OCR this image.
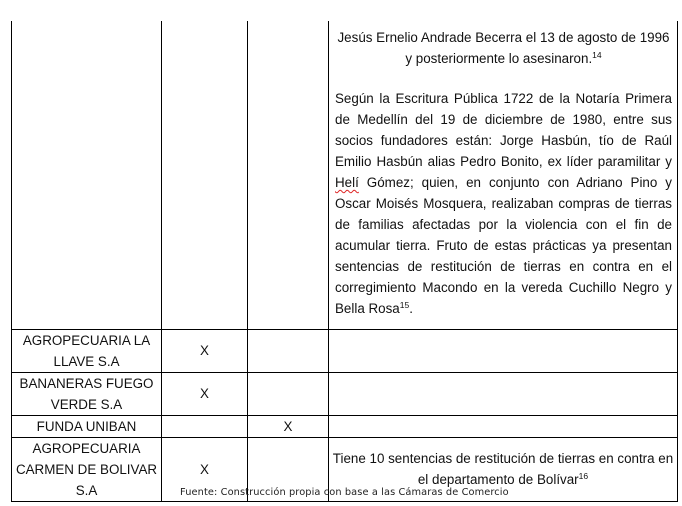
			Jesús Ernelio Andrade Becerra el 13 de agosto de 1996 y posteriormente lo asesinaron.$^{14}$

Según la Escritura Pública 1722 de la Notaría Primera de Medellín del 19 de diciembre de 1980, entre sus socios fundadores están: Jorge Hasbún, tío de Raúl Emilio Hasbún alias Pedro Bonito, ex líder paramilitar y Helí Gómez; quien, en conjunto con Adriano Pino y Oscar Moisés Mosquera, realizaban compras de tierras de familias afectadas por la violencia con el fin de acumular tierra. Fruto de estas prácticas ya presentan sentencias de restitución de tierras en contra en el corregimiento Macondo en la vereda Cuchillo Negro y Bella Rosa$^{15}$.

AGROPECUARIA LA LLAVE S.A	X		
BANANERAS FUEGO VERDE S.A	X		
FUNDA UNIBAN		X	
AGROPECUARIA CARMEN DE BOLIVAR S.A	X		Tiene 10 sentencias de restitución de tierras en contra en el departamento de Bolívar$^{16}$
Fuente: Construcción propia con base a las Cámaras de Comercio
